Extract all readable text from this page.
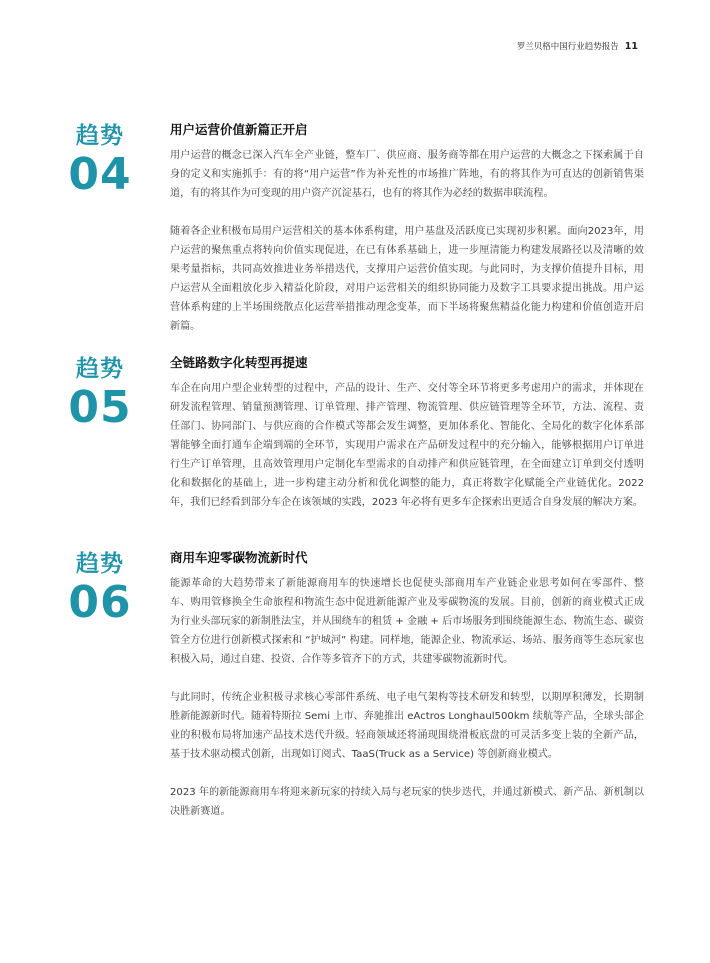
罗兰贝格中国行业趋势报告 11
趋势
04
用户运营价值新篇正开启

用户运营的概念已深入汽车全产业链，整车厂、供应商、服务商等都在用户运营的大概念之下探索属于自身的定义和实施抓手：有的将“用户运营”作为补充性的市场推广阵地，有的将其作为可直达的创新销售渠道，有的将其作为可变现的用户资产沉淀基石，也有的将其作为必经的数据串联流程。

随着各企业积极布局用户运营相关的基本体系构建，用户基盘及活跃度已实现初步积累。面向2023年，用户运营的聚焦重点将转向价值实现促进，在已有体系基础上，进一步厘清能力构建发展路径以及清晰的效果考量指标，共同高效推进业务举措迭代，支撑用户运营价值实现。与此同时，为支撑价值提升目标，用户运营从全面粗放化步入精益化阶段，对用户运营相关的组织协同能力及数字工具要求提出挑战。用户运营体系构建的上半场围绕散点化运营举措推动理念变革，而下半场将聚焦精益化能力构建和价值创造开启新篇。

趋势
05
全链路数字化转型再提速

车企在向用户型企业转型的过程中，产品的设计、生产、交付等全环节将更多考虑用户的需求，并体现在研发流程管理、销量预测管理、订单管理、排产管理、物流管理、供应链管理等全环节，方法、流程、责任部门、协同部门、与供应商的合作模式等都会发生调整，更加体系化、智能化、全局化的数字化体系部署能够全面打通车企端到端的全环节，实现用户需求在产品研发过程中的充分输入，能够根据用户订单进行生产订单管理，且高效管理用户定制化车型需求的自动排产和供应链管理，在全面建立订单到交付透明化和数据化的基础上，进一步构建主动分析和优化调整的能力，真正将数字化赋能全产业链优化。2022 年，我们已经看到部分车企在该领域的实践，2023 年必将有更多车企探索出更适合自身发展的解决方案。

趋势
06
商用车迎零碳物流新时代

能源革命的大趋势带来了新能源商用车的快速增长也促使头部商用车产业链企业思考如何在零部件、整车、购用管修换全生命旅程和物流生态中促进新能源产业及零碳物流的发展。目前，创新的商业模式正成为行业头部玩家的新制胜法宝，并从围绕车的租赁 + 金融 + 后市场服务到围绕能源生态、物流生态、碳资管全方位进行创新模式探索和 “护城河” 构建。同样地，能源企业、物流承运、场站、服务商等生态玩家也积极入局，通过自建、投资、合作等多管齐下的方式，共建零碳物流新时代。

与此同时，传统企业积极寻求核心零部件系统、电子电气架构等技术研发和转型，以期厚积薄发，长期制胜新能源新时代。随着特斯拉 Semi 上市、奔驰推出 eActros Longhaul500km 续航等产品，全球头部企业的积极布局将加速产品技术迭代升级。轻商领域还将涌现围绕滑板底盘的可灵活多变上装的全新产品，基于技术驱动模式创新，出现如订阅式、TaaS(Truck as a Service) 等创新商业模式。

2023 年的新能源商用车将迎来新玩家的持续入局与老玩家的快步迭代，并通过新模式、新产品、新机制以决胜新赛道。
